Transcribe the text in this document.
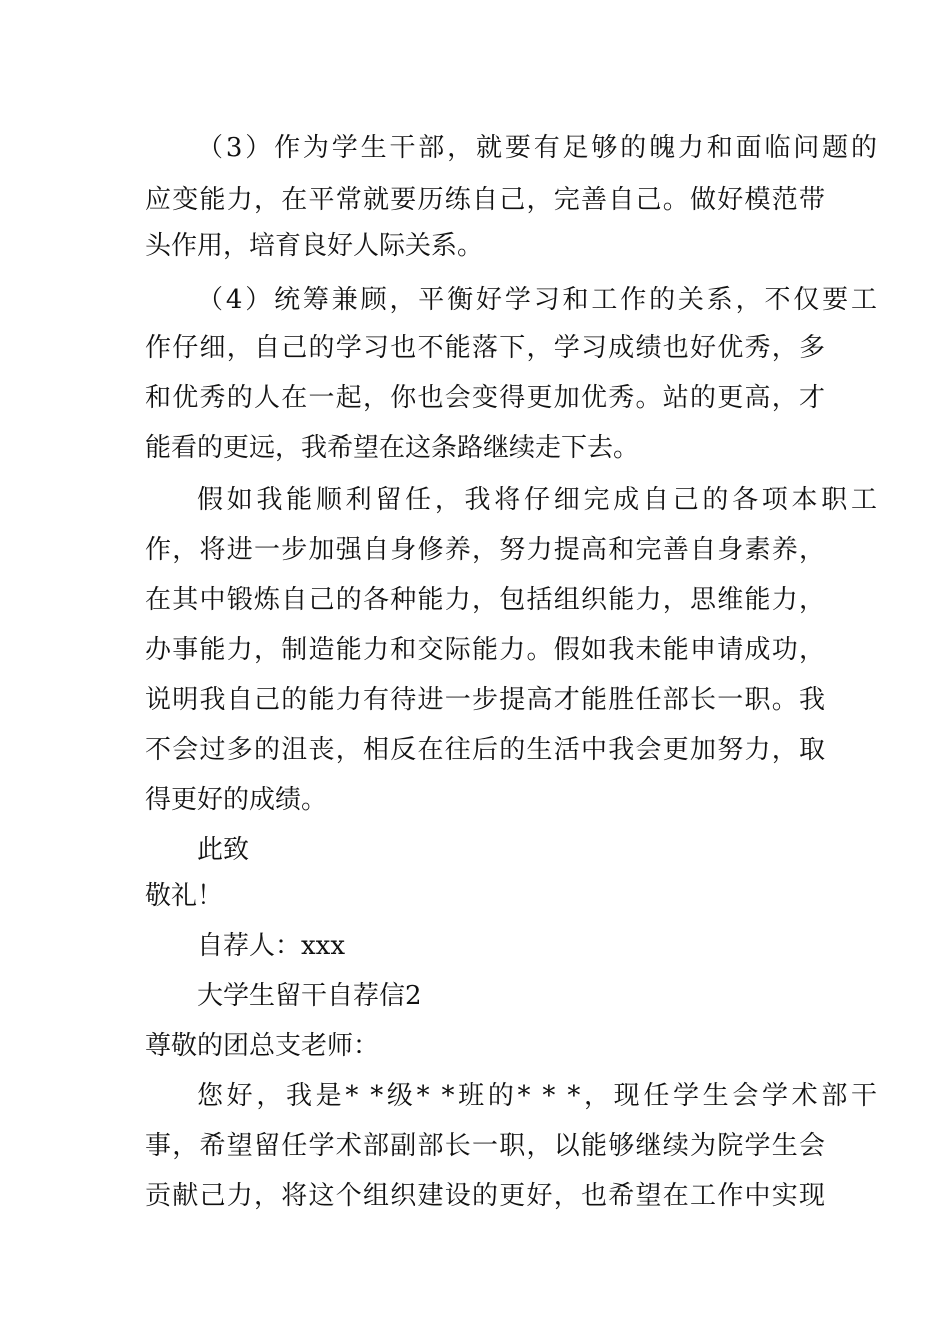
（3）作为学生干部，就要有足够的魄力和面临问题的
应变能力，在平常就要历练自己，完善自己。做好模范带
头作用，培育良好人际关系。
（4）统筹兼顾，平衡好学习和工作的关系，不仅要工
作仔细，自己的学习也不能落下，学习成绩也好优秀，多
和优秀的人在一起，你也会变得更加优秀。站的更高，才
能看的更远，我希望在这条路继续走下去。
假如我能顺利留任，我将仔细完成自己的各项本职工
作，将进一步加强自身修养，努力提高和完善自身素养，
在其中锻炼自己的各种能力，包括组织能力，思维能力，
办事能力，制造能力和交际能力。假如我未能申请成功，
说明我自己的能力有待进一步提高才能胜任部长一职。我
不会过多的沮丧，相反在往后的生活中我会更加努力，取
得更好的成绩。
此致
敬礼！
自荐人：xxx
大学生留干自荐信2
尊敬的团总支老师：
您好，我是* *级* *班的* * *，现任学生会学术部干
事，希望留任学术部副部长一职，以能够继续为院学生会
贡献己力，将这个组织建设的更好，也希望在工作中实现
